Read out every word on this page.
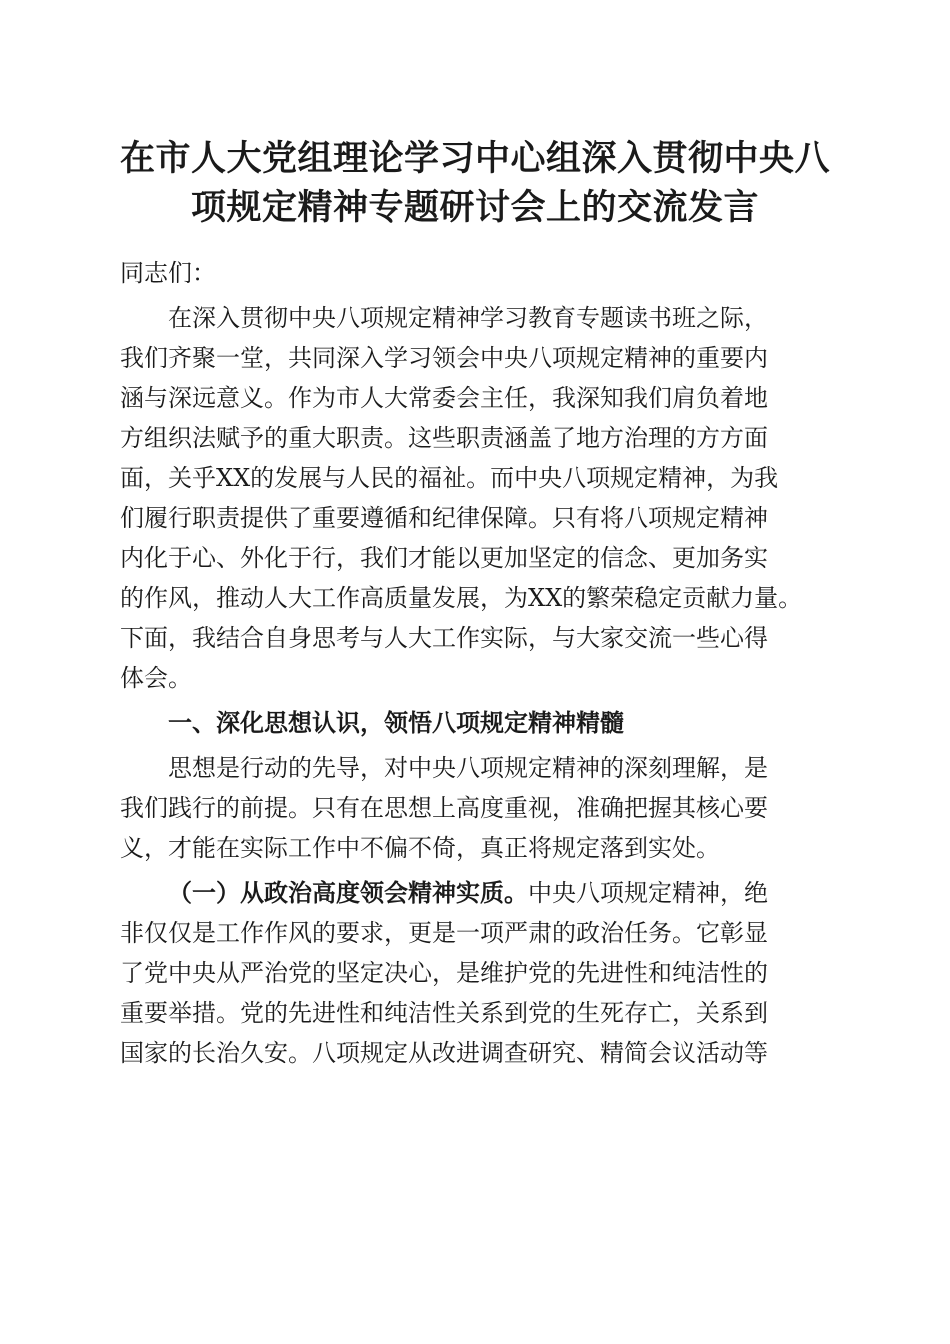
在市人大党组理论学习中心组深入贯彻中央八
项规定精神专题研讨会上的交流发言
同志们：
在深入贯彻中央八项规定精神学习教育专题读书班之际，
我们齐聚一堂，共同深入学习领会中央八项规定精神的重要内
涵与深远意义。作为市人大常委会主任，我深知我们肩负着地
方组织法赋予的重大职责。这些职责涵盖了地方治理的方方面
面，关乎XX的发展与人民的福祉。而中央八项规定精神，为我
们履行职责提供了重要遵循和纪律保障。只有将八项规定精神
内化于心、外化于行，我们才能以更加坚定的信念、更加务实
的作风，推动人大工作高质量发展，为XX的繁荣稳定贡献力量。
下面，我结合自身思考与人大工作实际，与大家交流一些心得
体会。
一、深化思想认识，领悟八项规定精神精髓
思想是行动的先导，对中央八项规定精神的深刻理解，是
我们践行的前提。只有在思想上高度重视，准确把握其核心要
义，才能在实际工作中不偏不倚，真正将规定落到实处。
（一）从政治高度领会精神实质。中央八项规定精神，绝
非仅仅是工作作风的要求，更是一项严肃的政治任务。它彰显
了党中央从严治党的坚定决心，是维护党的先进性和纯洁性的
重要举措。党的先进性和纯洁性关系到党的生死存亡，关系到
国家的长治久安。八项规定从改进调查研究、精简会议活动等
